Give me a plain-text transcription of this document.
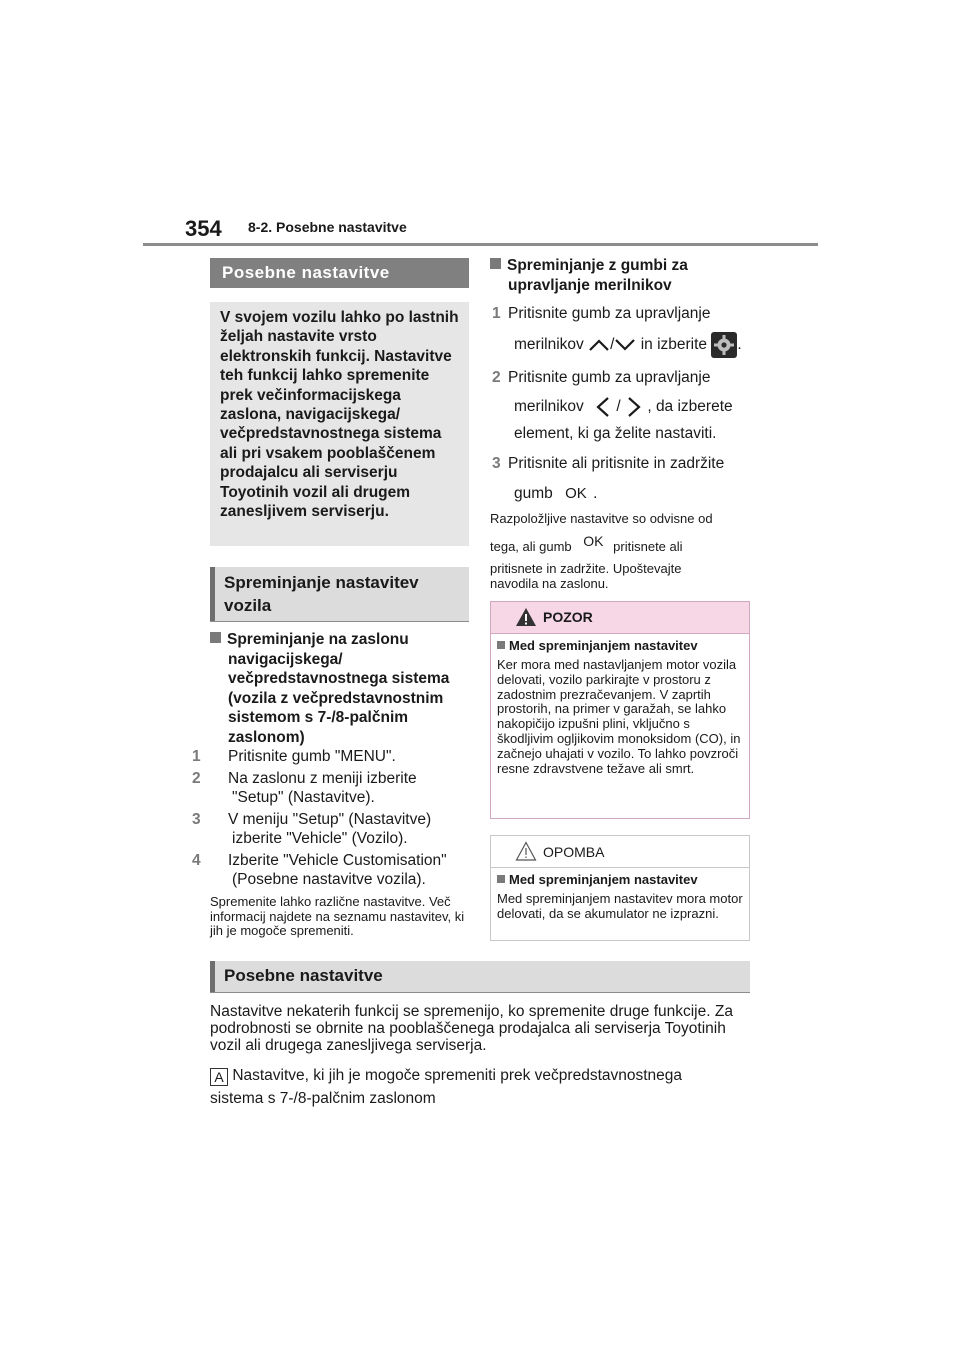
354 8-2. Posebne nastavitve
Posebne nastavitve
V svojem vozilu lahko po lastnih željah nastavite vrsto elektronskih funkcij. Nastavitve teh funkcij lahko spremenite prek večinformacijskega zaslona, navigacijskega/ večpredstavnostnega sistema ali pri vsakem pooblaščenem prodajalcu ali serviserju Toyotinih vozil ali drugem zanesljivem serviserju.
Spreminjanje nastavitev vozila
Spreminjanje na zaslonu navigacijskega/ večpredstavnostnega sistema (vozila z večpredstavnostnim sistemom s 7-/8-palčnim zaslonom)
1 Pritisnite gumb "MENU".
2 Na zaslonu z meniji izberite "Setup" (Nastavitve).
3 V meniju "Setup" (Nastavitve) izberite "Vehicle" (Vozilo).
4 Izberite "Vehicle Customisation" (Posebne nastavitve vozila).
Spremenite lahko različne nastavitve. Več informacij najdete na seznamu nastavitev, ki jih je mogoče spremeniti.
Spreminjanje z gumbi za upravljanje merilnikov
1 Pritisnite gumb za upravljanje
merilnikov / in izberite .
2 Pritisnite gumb za upravljanje
merilnikov / , da izberete
element, ki ga želite nastaviti.
3 Pritisnite ali pritisnite in zadržite
gumb OK .
Razpoložljive nastavitve so odvisne od
tega, ali gumb OK pritisnete ali
pritisnete in zadržite. Upoštevajte navodila na zaslonu.
POZOR
Med spreminjanjem nastavitev
Ker mora med nastavljanjem motor vozila delovati, vozilo parkirajte v prostoru z zadostnim prezračevanjem. V zaprtih prostorih, na primer v garažah, se lahko nakopičijo izpušni plini, vključno s škodljivim ogljikovim monoksidom (CO), in začnejo uhajati v vozilo. To lahko povzroči resne zdravstvene težave ali smrt.
OPOMBA
Med spreminjanjem nastavitev
Med spreminjanjem nastavitev mora motor delovati, da se akumulator ne izprazni.
Posebne nastavitve
Nastavitve nekaterih funkcij se spremenijo, ko spremenite druge funkcije. Za podrobnosti se obrnite na pooblaščenega prodajalca ali serviserja Toyotinih vozil ali drugega zanesljivega serviserja.
A Nastavitve, ki jih je mogoče spremeniti prek večpredstavnostnega
sistema s 7-/8-palčnim zaslonom
